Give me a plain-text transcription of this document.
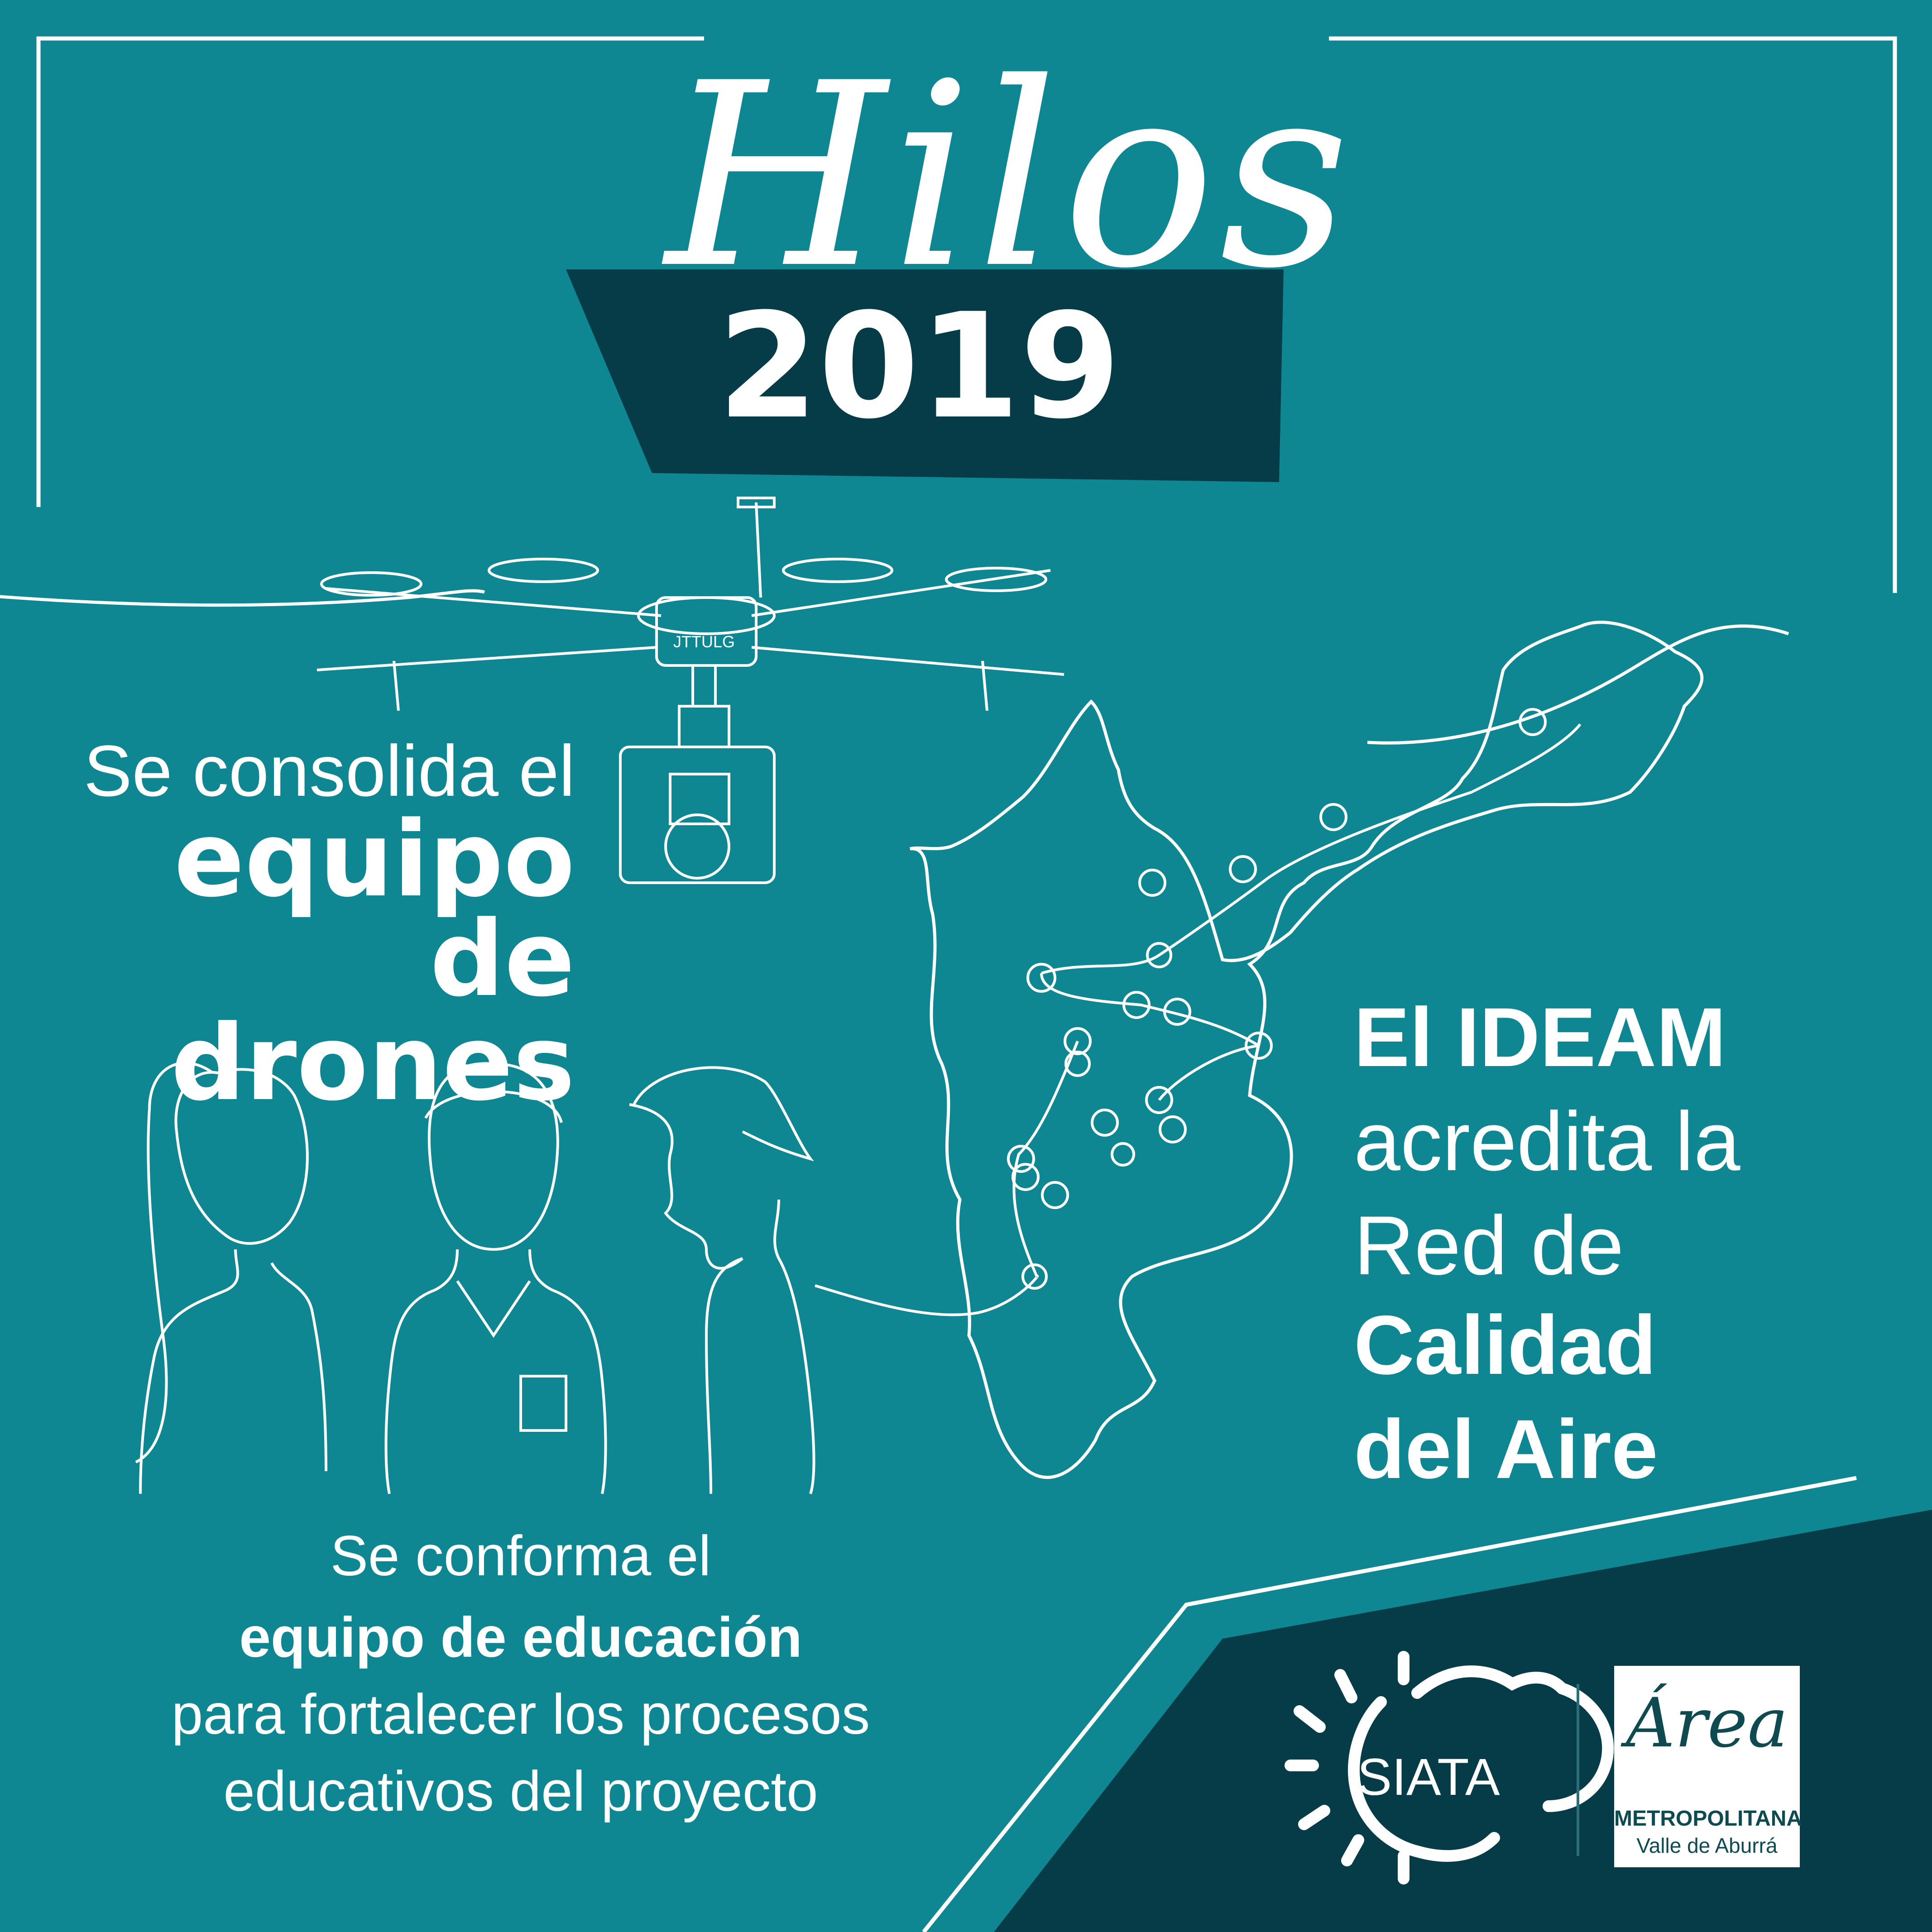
JTTULG

Hilos

2019

Se consolida el

equipo

de drones	El IDEAM

acredita la

Red de

Calidad

del Aire

Se conforma el

equipo de educación

para fortalecer los procesos

educativos del proyecto	SIATA
Área
METROPOLITANA
Valle de Aburrá
